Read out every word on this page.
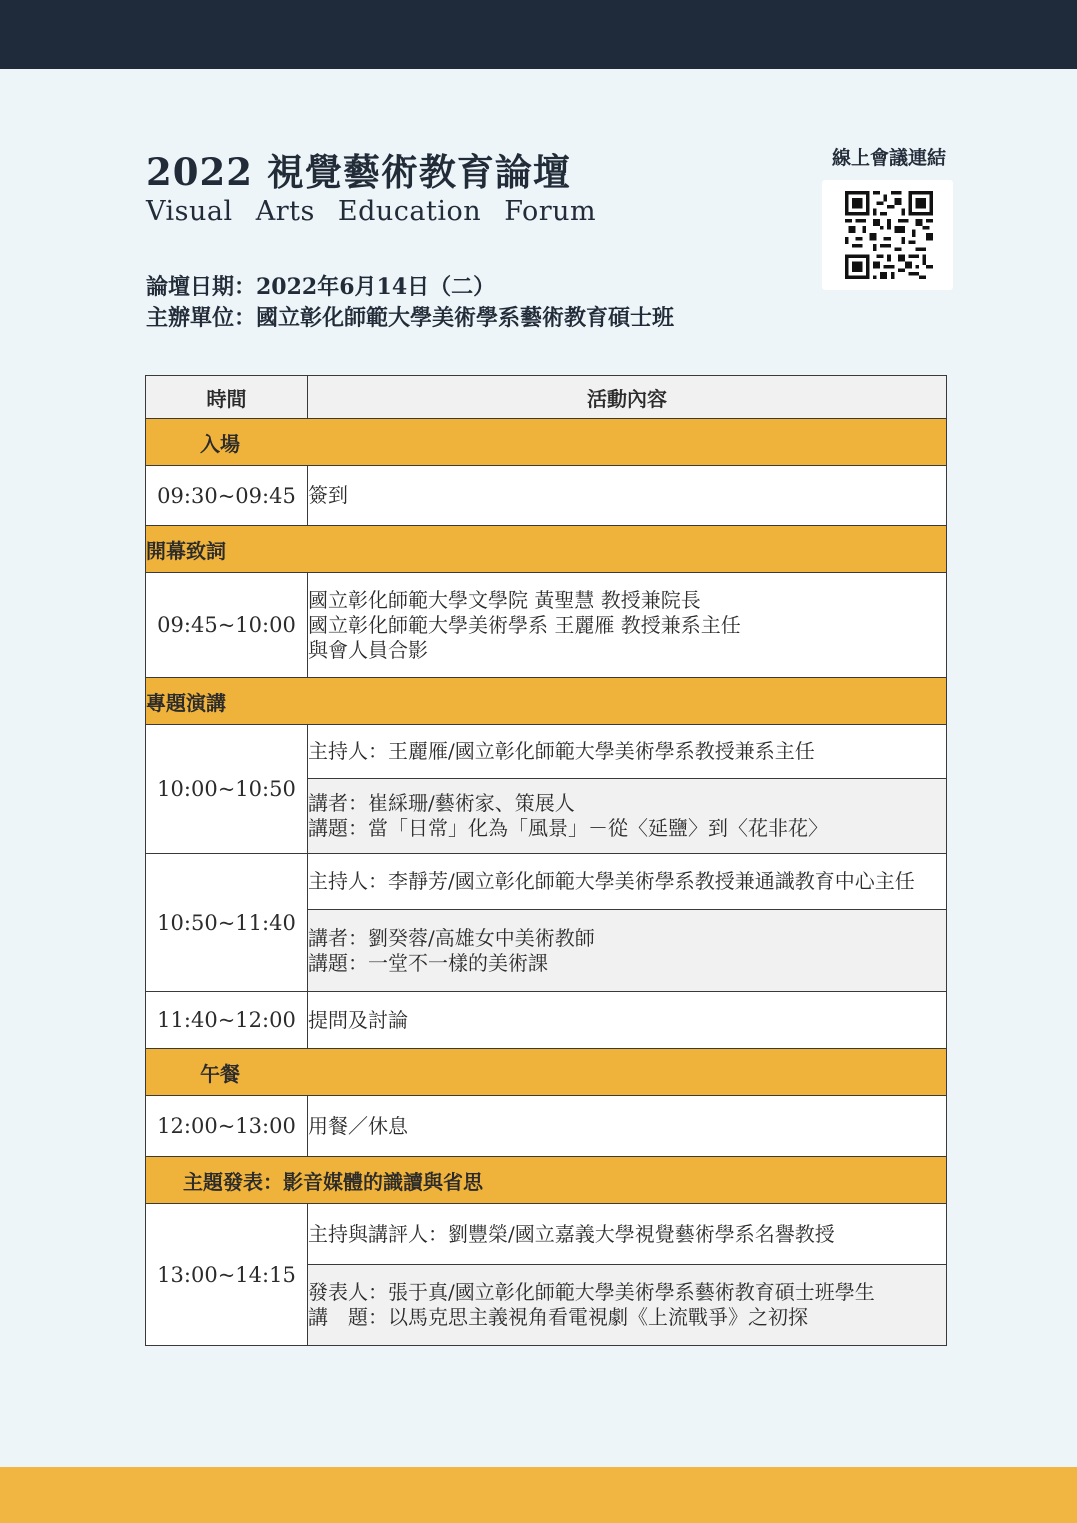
2022 視覺藝術教育論壇
Visual Arts Education Forum
論壇日期：2022年6月14日（二）
主辦單位：國立彰化師範大學美術學系藝術教育碩士班
線上會議連結
時間	活動內容
入場	
09:30~09:45	簽到
開幕致詞	
09:45~10:00	國立彰化師範大學文學院 黃聖慧 教授兼院長
國立彰化師範大學美術學系 王麗雁 教授兼系主任
與會人員合影

專題演講	
10:00~10:50	主持人：王麗雁/國立彰化師範大學美術學系教授兼系主任

	講者：崔綵珊/藝術家、策展人
講題：當「日常」化為「風景」－從〈延鹽〉到〈花非花〉

10:50~11:40	主持人：李靜芳/國立彰化師範大學美術學系教授兼通識教育中心主任

	講者：劉癸蓉/高雄女中美術教師
講題：一堂不一樣的美術課

11:40~12:00	提問及討論
午餐	
12:00~13:00	用餐／休息
主題發表：影音媒體的識讀與省思	
13:00~14:15	主持與講評人：劉豐榮/國立嘉義大學視覺藝術學系名譽教授

	發表人：張于真/國立彰化師範大學美術學系藝術教育碩士班學生
講　題：以馬克思主義視角看電視劇《上流戰爭》之初探
